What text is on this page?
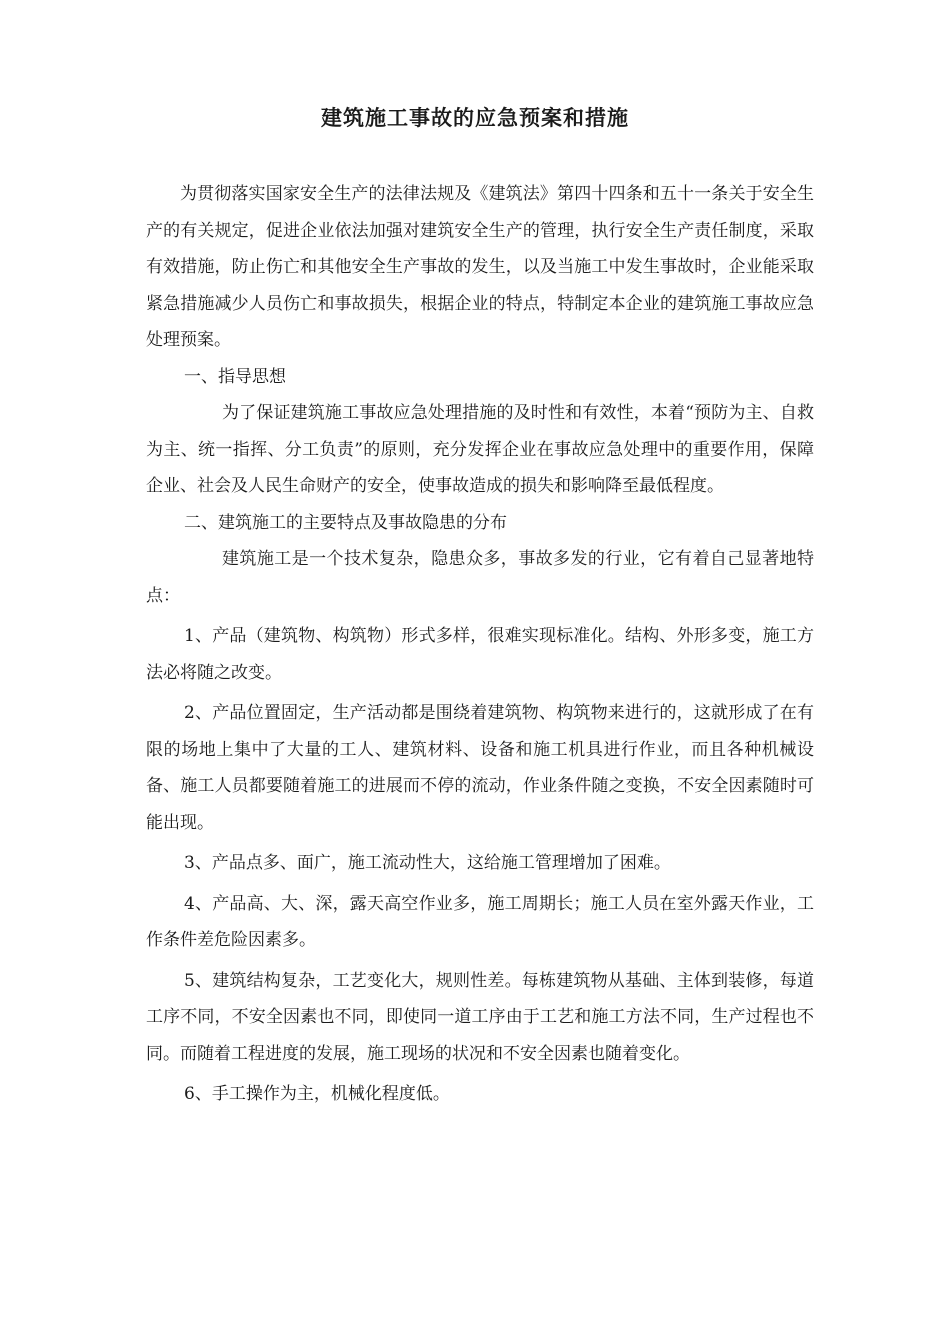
建筑施工事故的应急预案和措施

为贯彻落实国家安全生产的法律法规及《建筑法》第四十四条和五十一条关于安全生产的有关规定，促进企业依法加强对建筑安全生产的管理，执行安全生产责任制度，采取有效措施，防止伤亡和其他安全生产事故的发生，以及当施工中发生事故时，企业能采取紧急措施减少人员伤亡和事故损失，根据企业的特点，特制定本企业的建筑施工事故应急处理预案。

一、指导思想

为了保证建筑施工事故应急处理措施的及时性和有效性，本着“预防为主、自救为主、统一指挥、分工负责”的原则，充分发挥企业在事故应急处理中的重要作用，保障企业、社会及人民生命财产的安全，使事故造成的损失和影响降至最低程度。

二、建筑施工的主要特点及事故隐患的分布

建筑施工是一个技术复杂，隐患众多，事故多发的行业，它有着自己显著地特点：

1、产品（建筑物、构筑物）形式多样，很难实现标准化。结构、外形多变，施工方法必将随之改变。

2、产品位置固定，生产活动都是围绕着建筑物、构筑物来进行的，这就形成了在有限的场地上集中了大量的工人、建筑材料、设备和施工机具进行作业，而且各种机械设备、施工人员都要随着施工的进展而不停的流动，作业条件随之变换，不安全因素随时可能出现。

3、产品点多、面广，施工流动性大，这给施工管理增加了困难。

4、产品高、大、深，露天高空作业多，施工周期长；施工人员在室外露天作业，工作条件差危险因素多。

5、建筑结构复杂，工艺变化大，规则性差。每栋建筑物从基础、主体到装修，每道工序不同，不安全因素也不同，即使同一道工序由于工艺和施工方法不同，生产过程也不同。而随着工程进度的发展，施工现场的状况和不安全因素也随着变化。

6、手工操作为主，机械化程度低。
